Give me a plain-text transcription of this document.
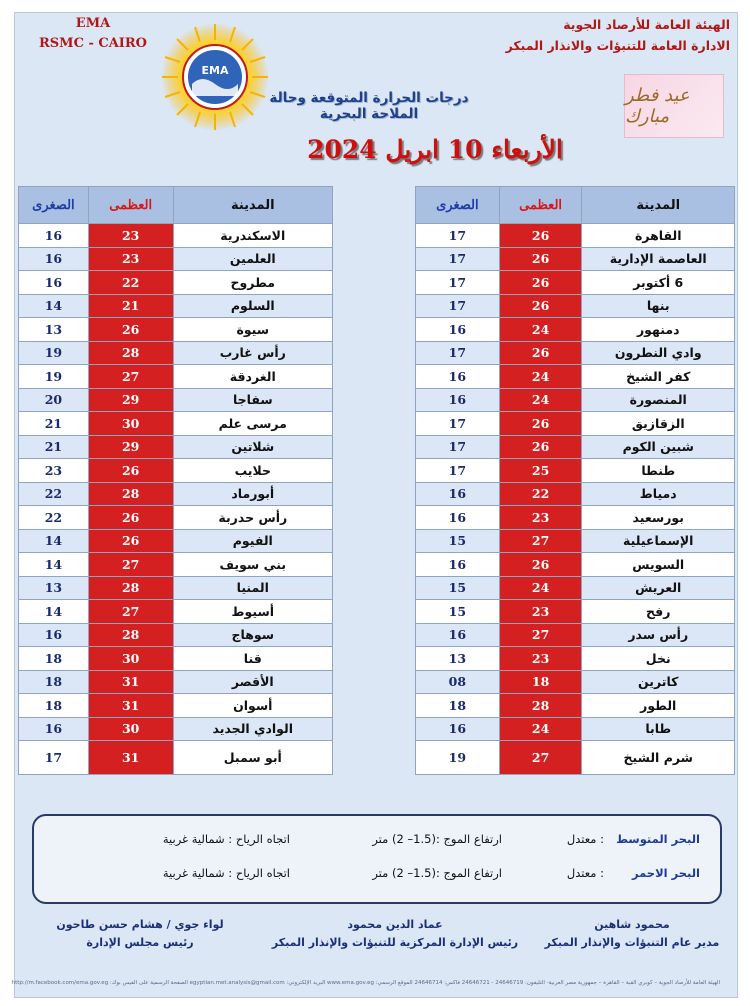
EMA
RSMC - CAIRO
EMA
الهيئة العامة للأرصاد الجوية
الادارة العامة للتنبؤات والانذار المبكر
عيد فطر مبارك
درجات الحرارة المتوقعة وحالة الملاحة البحرية
الأربعاء 10 ابريل 2024
الصغرى	العظمى	المدينة
17	26	القاهرة
17	26	العاصمة الإدارية
17	26	6 أكتوبر
17	26	بنها
16	24	دمنهور
17	26	وادي النطرون
16	24	كفر الشيخ
16	24	المنصورة
17	26	الزقازيق
17	26	شبين الكوم
17	25	طنطا
16	22	دمياط
16	23	بورسعيد
15	27	الإسماعيلية
16	26	السويس
15	24	العريش
15	23	رفح
16	27	رأس سدر
13	23	نخل
08	18	كاترين
18	28	الطور
16	24	طابا
19	27	شرم الشيخ
الصغرى	العظمى	المدينة
16	23	الاسكندرية
16	23	العلمين
16	22	مطروح
14	21	السلوم
13	26	سيوة
19	28	رأس غارب
19	27	الغردقة
20	29	سفاجا
21	30	مرسى علم
21	29	شلاتين
23	26	حلايب
22	28	أبورماد
22	26	رأس حدربة
14	26	الفيوم
14	27	بني سويف
13	28	المنيا
14	27	أسيوط
16	28	سوهاج
18	30	قنا
18	31	الأقصر
18	31	أسوان
16	30	الوادي الجديد
17	31	أبو سمبل
البحر المتوسط
: معتدل
ارتفاع الموج :(1.5– 2) متر
اتجاه الرياح : شمالية غربية
البحر الاحمر
: معتدل
ارتفاع الموج :(1.5– 2) متر
اتجاه الرياح : شمالية غربية
محمود شاهين
مدير عام التنبؤات والإنذار المبكر
عماد الدين محمود
رئيس الإدارة المركزية للتنبؤات والإنذار المبكر
لواء جوي / هشام حسن طاحون
رئيس مجلس الإدارة
الهيئة العامة للأرصاد الجوية – كوبري القبة – القاهرة – جمهورية مصر العربية- التليفون: 24646719 - 24646721 فاكس: 24646714 الموقع الرسمي: www.ema.gov.eg البريد الإلكتروني: egyptian.met.analysis@gmail.com الصفحة الرسمية على الفيس بوك: http://m.facebook.com/ema.gov.eg
